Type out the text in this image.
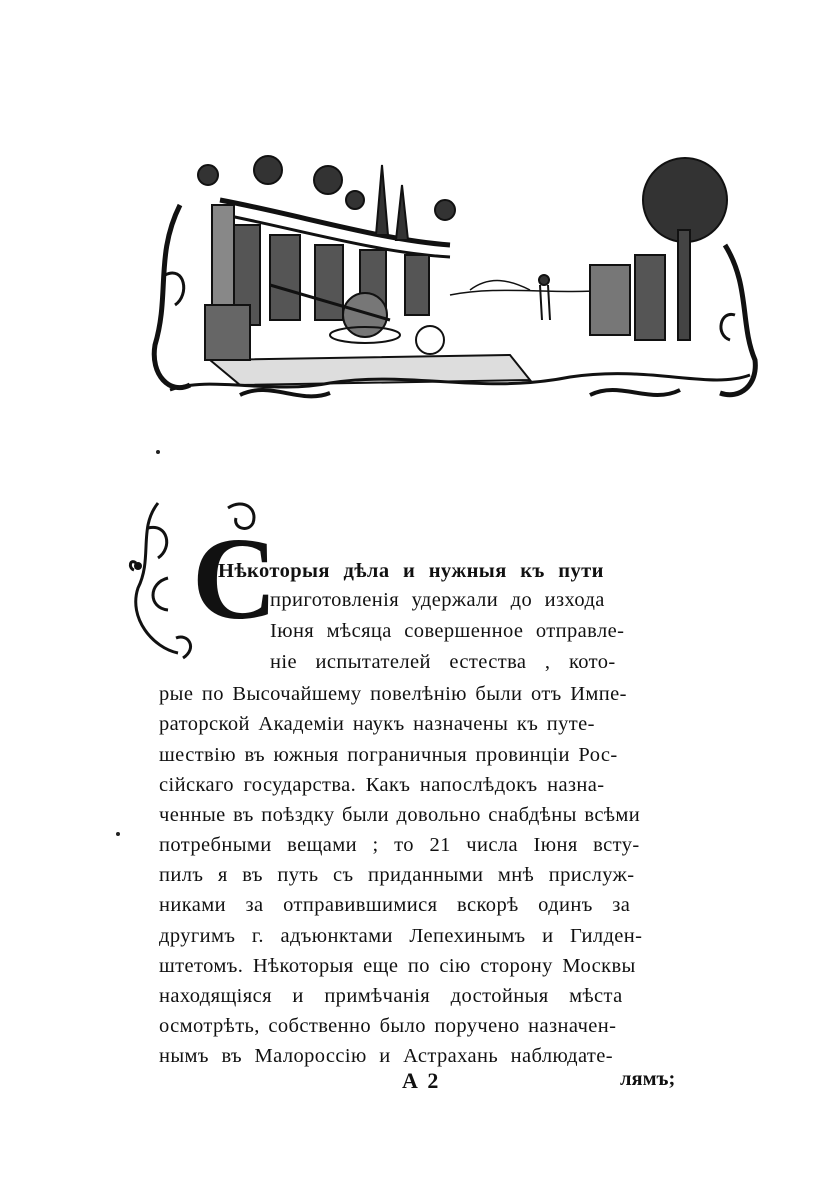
С
Нѣкоторыя дѣла и нужныя къ пути
приготовленія удержали до изхода
Іюня мѣсяца совершенное отправле-
ніе испытателей естества , кото-
рые по Высочайшему повелѣнію были отъ Импе-
раторской Академіи наукъ назначены къ путе-
шествію въ южныя пограничныя провинціи Рос-
сійскаго государства. Какъ напослѣдокъ назна-
ченные въ поѣздку были довольно снабдѣны всѣми
потребными вещами ; то 21 числа Іюня всту-
пилъ я въ путь съ приданными мнѣ прислуж-
никами за отправившимися вскорѣ одинъ за
другимъ г. адъюнктами Лепехинымъ и Гилден-
штетомъ. Нѣкоторыя еще по сію сторону Москвы
находящіяся и примѣчанія достойныя мѣста
осмотрѣть, собственно было поручено назначен-
нымъ въ Малороссію и Астрахань наблюдате-
А 2	лямъ;
